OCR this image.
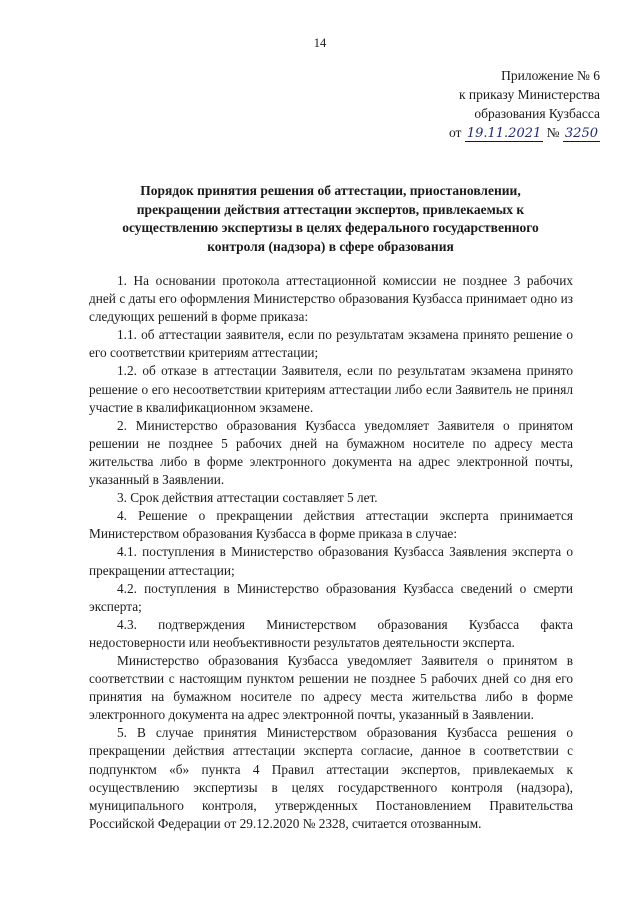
14
Приложение № 6
к приказу Министерства
образования Кузбасса
от 19.11.2021 № 3250
Порядок принятия решения об аттестации, приостановлении, прекращении действия аттестации экспертов, привлекаемых к осуществлению экспертизы в целях федерального государственного контроля (надзора) в сфере образования

1. На основании протокола аттестационной комиссии не позднее 3 рабочих дней с даты его оформления Министерство образования Кузбасса принимает одно из следующих решений в форме приказа:

1.1. об аттестации заявителя, если по результатам экзамена принято решение о его соответствии критериям аттестации;

1.2. об отказе в аттестации Заявителя, если по результатам экзамена принято решение о его несоответствии критериям аттестации либо если Заявитель не принял участие в квалификационном экзамене.

2. Министерство образования Кузбасса уведомляет Заявителя о принятом решении не позднее 5 рабочих дней на бумажном носителе по адресу места жительства либо в форме электронного документа на адрес электронной почты, указанный в Заявлении.

3. Срок действия аттестации составляет 5 лет.

4. Решение о прекращении действия аттестации эксперта принимается Министерством образования Кузбасса в форме приказа в случае:

4.1. поступления в Министерство образования Кузбасса Заявления эксперта о прекращении аттестации;

4.2. поступления в Министерство образования Кузбасса сведений о смерти эксперта;

4.3. подтверждения Министерством образования Кузбасса факта недостоверности или необъективности результатов деятельности эксперта.

Министерство образования Кузбасса уведомляет Заявителя о принятом в соответствии с настоящим пунктом решении не позднее 5 рабочих дней со дня его принятия на бумажном носителе по адресу места жительства либо в форме электронного документа на адрес электронной почты, указанный в Заявлении.

5. В случае принятия Министерством образования Кузбасса решения о прекращении действия аттестации эксперта согласие, данное в соответствии с подпунктом «б» пункта 4 Правил аттестации экспертов, привлекаемых к осуществлению экспертизы в целях государственного контроля (надзора), муниципального контроля, утвержденных Постановлением Правительства Российской Федерации от 29.12.2020 № 2328, считается отозванным.
